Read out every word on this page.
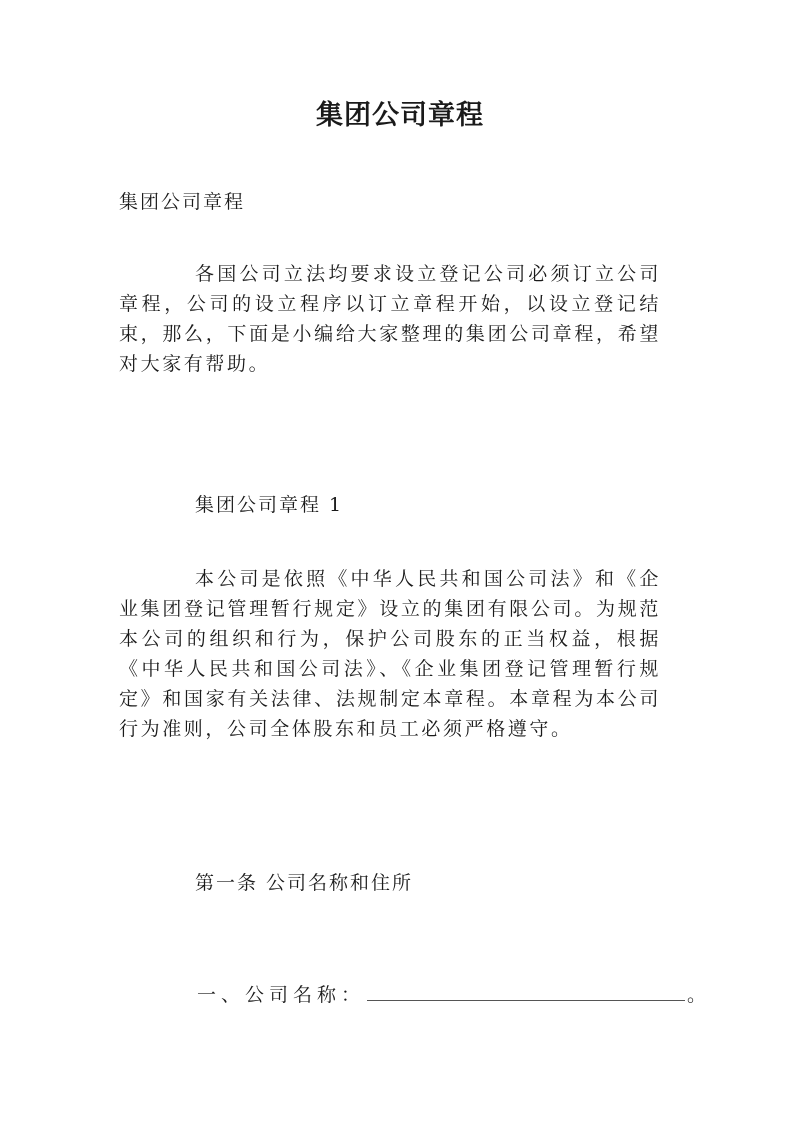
集团公司章程
集团公司章程
各国公司立法均要求设立登记公司必须订立公司章程，公司的设立程序以订立章程开始，以设立登记结束，那么，下面是小编给大家整理的集团公司章程，希望对大家有帮助。
集团公司章程 1
本公司是依照《中华人民共和国公司法》和《企业集团登记管理暂行规定》设立的集团有限公司。为规范本公司的组织和行为，保护公司股东的正当权益，根据《中华人民共和国公司法》、《企业集团登记管理暂行规定》和国家有关法律、法规制定本章程。本章程为本公司行为准则，公司全体股东和员工必须严格遵守。
第一条 公司名称和住所
一、公司名称：	。
